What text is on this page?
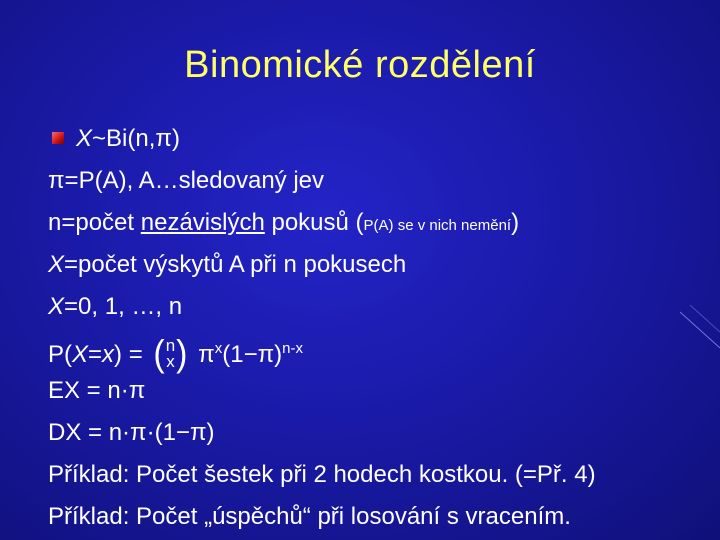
Binomické rozdělení
X~Bi(n,π)
π=P(A), A…sledovaný jev
n=počet nezávislých pokusů (P(A) se v nich nemění)
X=počet výskytů A při n pokusech
X=0, 1, …, n
P(X=x) = ( n
x ) $\pi^x(1-\pi)^{n-x}$
EX = n·π
DX = n·π·(1−π)
Příklad: Počet šestek při 2 hodech kostkou. (=Př. 4)
Příklad: Počet „úspěchů“ při losování s vracením.
